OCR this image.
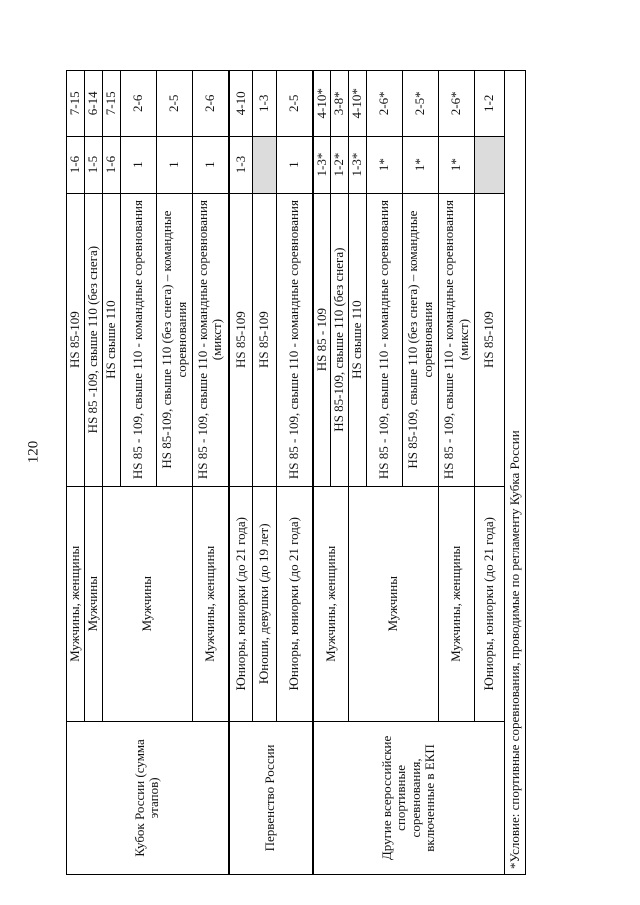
120
Кубок России (сумма этапов)	Мужчины, женщины	HS 85-109	1-6	7-15
	Мужчины	HS 85 -109, свыше 110 (без снега)	1-5	6-14
	Мужчины	HS свыше 110	1-6	7-15
		HS 85 - 109, свыше 110 - командные соревнования	1	2-6
		HS 85-109, свыше 110 (без снега) – командные соревнования	1	2-5
	Мужчины, женщины	HS 85 - 109, свыше 110 - командные соревнования (микст)	1	2-6
Первенство России	Юниоры, юниорки (до 21 года)	HS 85-109	1-3	4-10
	Юноши, девушки (до 19 лет)	HS 85-109		1-3
	Юниоры, юниорки (до 21 года)	HS 85 - 109, свыше 110 - командные соревнования	1	2-5
Другие всероссийские спортивные соревнования, включенные в ЕКП	Мужчины, женщины	HS 85 - 109	1-3*	4-10*
		HS 85-109, свыше 110 (без снега)	1-2*	3-8*
	Мужчины	HS свыше 110	1-3*	4-10*
		HS 85 - 109, свыше 110 - командные соревнования	1*	2-6*
		HS 85-109, свыше 110 (без снега) – командные соревнования	1*	2-5*
	Мужчины, женщины	HS 85 - 109, свыше 110 - командные соревнования (микст)	1*	2-6*
	Юниоры, юниорки (до 21 года)	HS 85-109		1-2
*Условие: спортивные соревнования, проводимые по регламенту Кубка России				
